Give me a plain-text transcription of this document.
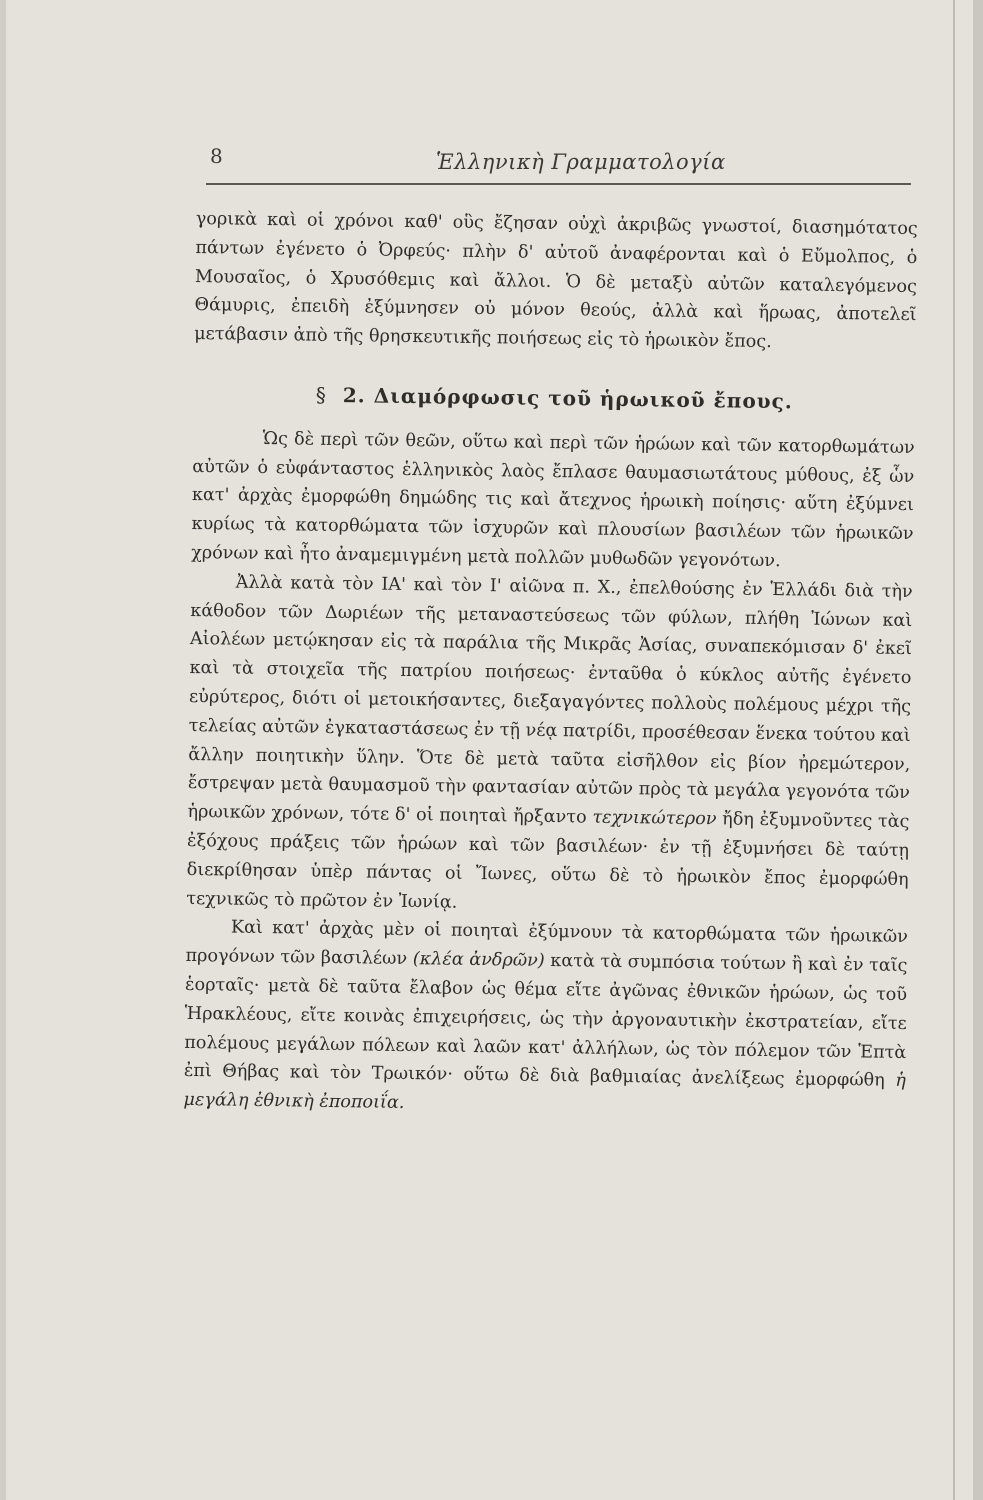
8	Ἑλληνικὴ Γραμματολογία

γορικὰ καὶ οἱ χρόνοι καθ' οὓς ἔζησαν οὐχὶ ἀκριβῶς γνωστοί, διασημότατος πάντων ἐγένετο ὁ Ὀρφεύς· πλὴν δ' αὐτοῦ ἀναφέρονται καὶ ὁ Εὔμολπος, ὁ Μουσαῖος, ὁ Χρυσόθεμις καὶ ἄλλοι. Ὁ δὲ μεταξὺ αὐτῶν καταλεγόμενος Θάμυρις, ἐπειδὴ ἐξύμνησεν οὐ μόνον θεούς, ἀλλὰ καὶ ἥρωας, ἀποτελεῖ μετάβασιν ἀπὸ τῆς θρησκευτικῆς ποιήσεως εἰς τὸ ἡρωικὸν ἔπος.

§ 2. Διαμόρφωσις τοῦ ἡρωικοῦ ἔπους.

Ὡς δὲ περὶ τῶν θεῶν, οὕτω καὶ περὶ τῶν ἡρώων καὶ τῶν κατορθωμάτων αὐτῶν ὁ εὐφάνταστος ἑλληνικὸς λαὸς ἔπλασε θαυμασιωτάτους μύθους, ἐξ ὧν κατ' ἀρχὰς ἐμορφώθη δημώδης τις καὶ ἄτεχνος ἡρωικὴ ποίησις· αὕτη ἐξύμνει κυρίως τὰ κατορθώματα τῶν ἰσχυρῶν καὶ πλουσίων βασιλέων τῶν ἡρωικῶν χρόνων καὶ ἦτο ἀναμεμιγμένη μετὰ πολλῶν μυθωδῶν γεγονότων.

Ἀλλὰ κατὰ τὸν ΙΑ' καὶ τὸν Ι' αἰῶνα π. Χ., ἐπελθούσης ἐν Ἑλλάδι διὰ τὴν κάθοδον τῶν Δωριέων τῆς μεταναστεύσεως τῶν φύλων, πλήθη Ἰώνων καὶ Αἰολέων μετῴκησαν εἰς τὰ παράλια τῆς Μικρᾶς Ἀσίας, συναπεκόμισαν δ' ἐκεῖ καὶ τὰ στοιχεῖα τῆς πατρίου ποιήσεως· ἐνταῦθα ὁ κύκλος αὐτῆς ἐγένετο εὐρύτερος, διότι οἱ μετοικήσαντες, διεξαγαγόντες πολλοὺς πολέμους μέχρι τῆς τελείας αὐτῶν ἐγκαταστάσεως ἐν τῇ νέᾳ πατρίδι, προσέθεσαν ἕνεκα τούτου καὶ ἄλλην ποιητικὴν ὕλην. Ὅτε δὲ μετὰ ταῦτα εἰσῆλθον εἰς βίον ἠρεμώτερον, ἔστρεψαν μετὰ θαυμασμοῦ τὴν φαντασίαν αὐτῶν πρὸς τὰ μεγάλα γεγονότα τῶν ἡρωικῶν χρόνων, τότε δ' οἱ ποιηταὶ ἤρξαντο τεχνικώτερον ἤδη ἐξυμνοῦντες τὰς ἐξόχους πράξεις τῶν ἡρώων καὶ τῶν βασιλέων· ἐν τῇ ἐξυμνήσει δὲ ταύτῃ διεκρίθησαν ὑπὲρ πάντας οἱ Ἴωνες, οὕτω δὲ τὸ ἡρωικὸν ἔπος ἐμορφώθη τεχνικῶς τὸ πρῶτον ἐν Ἰωνίᾳ.

Καὶ κατ' ἀρχὰς μὲν οἱ ποιηταὶ ἐξύμνουν τὰ κατορθώματα τῶν ἡρωικῶν προγόνων τῶν βασιλέων (κλέα ἀνδρῶν) κατὰ τὰ συμπόσια τούτων ἢ καὶ ἐν ταῖς ἑορταῖς· μετὰ δὲ ταῦτα ἔλαβον ὡς θέμα εἴτε ἀγῶνας ἐθνικῶν ἡρώων, ὡς τοῦ Ἡρακλέους, εἴτε κοινὰς ἐπιχειρήσεις, ὡς τὴν ἀργοναυτικὴν ἐκστρατείαν, εἴτε πολέμους μεγάλων πόλεων καὶ λαῶν κατ' ἀλλήλων, ὡς τὸν πόλεμον τῶν Ἑπτὰ ἐπὶ Θήβας καὶ τὸν Τρωικόν· οὕτω δὲ διὰ βαθμιαίας ἀνελίξεως ἐμορφώθη ἡ μεγάλη ἐθνικὴ ἐποποιΐα.
